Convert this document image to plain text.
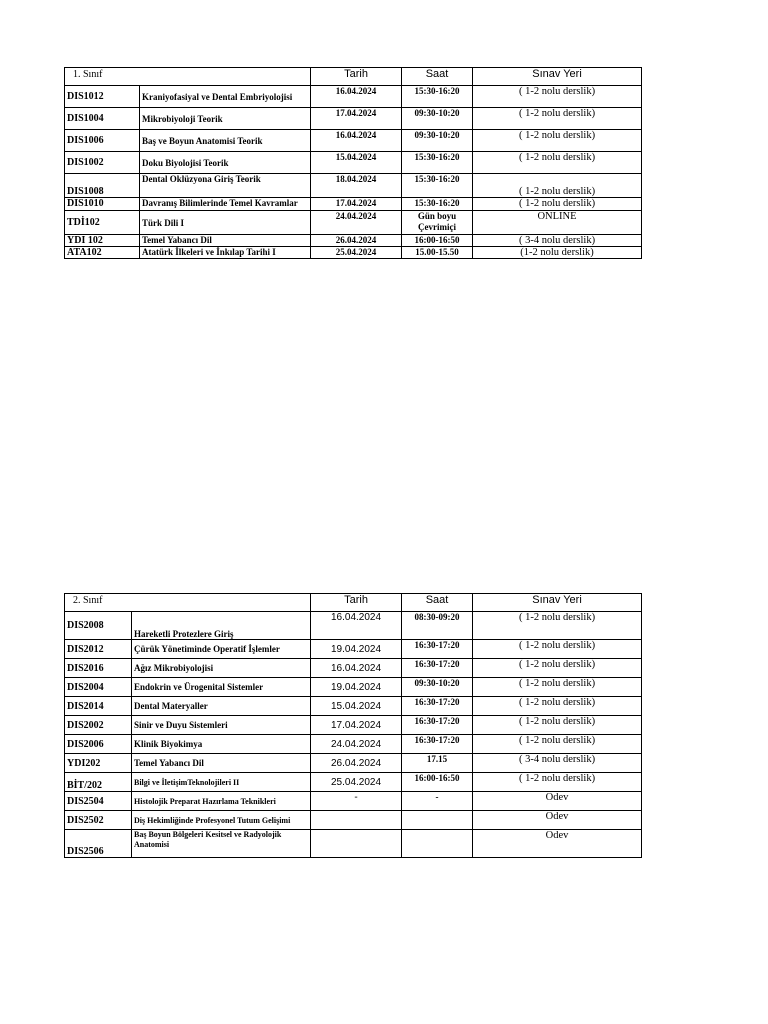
1. Sınıf		Tarih	Saat	Sınav Yeri
DIS1012	Kraniyofasiyal ve Dental Embriyolojisi	16.04.2024	15:30-16:20	( 1-2 nolu derslik)
DIS1004	Mikrobiyoloji Teorik	17.04.2024	09:30-10:20	( 1-2 nolu derslik)
DIS1006	Baş ve Boyun Anatomisi Teorik	16.04.2024	09:30-10:20	( 1-2 nolu derslik)
DIS1002	Doku Biyolojisi Teorik	15.04.2024	15:30-16:20	( 1-2 nolu derslik)
DIS1008	Dental Oklüzyona Giriş Teorik	18.04.2024	15:30-16:20	( 1-2 nolu derslik)
DIS1010	Davranış Bilimlerinde Temel Kavramlar	17.04.2024	15:30-16:20	( 1-2 nolu derslik)
TDİ102	Türk Dili I	24.04.2024	Gün boyu Çevrimiçi	ONLINE
YDI 102	Temel Yabancı Dil	26.04.2024	16:00-16:50	( 3-4 nolu derslik)
ATA102	Atatürk İlkeleri ve İnkılap Tarihi I	25.04.2024	15.00-15.50	(1-2 nolu derslik)
2. Sınıf		Tarih	Saat	Sınav Yeri
DIS2008	Hareketli Protezlere Giriş	16.04.2024	08:30-09:20	( 1-2 nolu derslik)
DIS2012	Çürük Yönetiminde Operatif İşlemler	19.04.2024	16:30-17:20	( 1-2 nolu derslik)
DIS2016	Ağız Mikrobiyolojisi	16.04.2024	16:30-17:20	( 1-2 nolu derslik)
DIS2004	Endokrin ve Ürogenital Sistemler	19.04.2024	09:30-10:20	( 1-2 nolu derslik)
DIS2014	Dental Materyaller	15.04.2024	16:30-17:20	( 1-2 nolu derslik)
DIS2002	Sinir ve Duyu Sistemleri	17.04.2024	16:30-17:20	( 1-2 nolu derslik)
DIS2006	Klinik Biyokimya	24.04.2024	16:30-17:20	( 1-2 nolu derslik)
YDI202	Temel Yabancı Dil	26.04.2024	17.15	( 3-4 nolu derslik)
BİT/202	Bilgi ve İletişimTeknolojileri II	25.04.2024	16:00-16:50	( 1-2 nolu derslik)
DIS2504	Histolojik Preparat Hazırlama Teknikleri	-	-	Odev
DIS2502	Diş Hekimliğinde Profesyonel Tutum Gelişimi			Odev
DIS2506	Baş Boyun Bölgeleri Kesitsel ve Radyolojik Anatomisi			Odev
